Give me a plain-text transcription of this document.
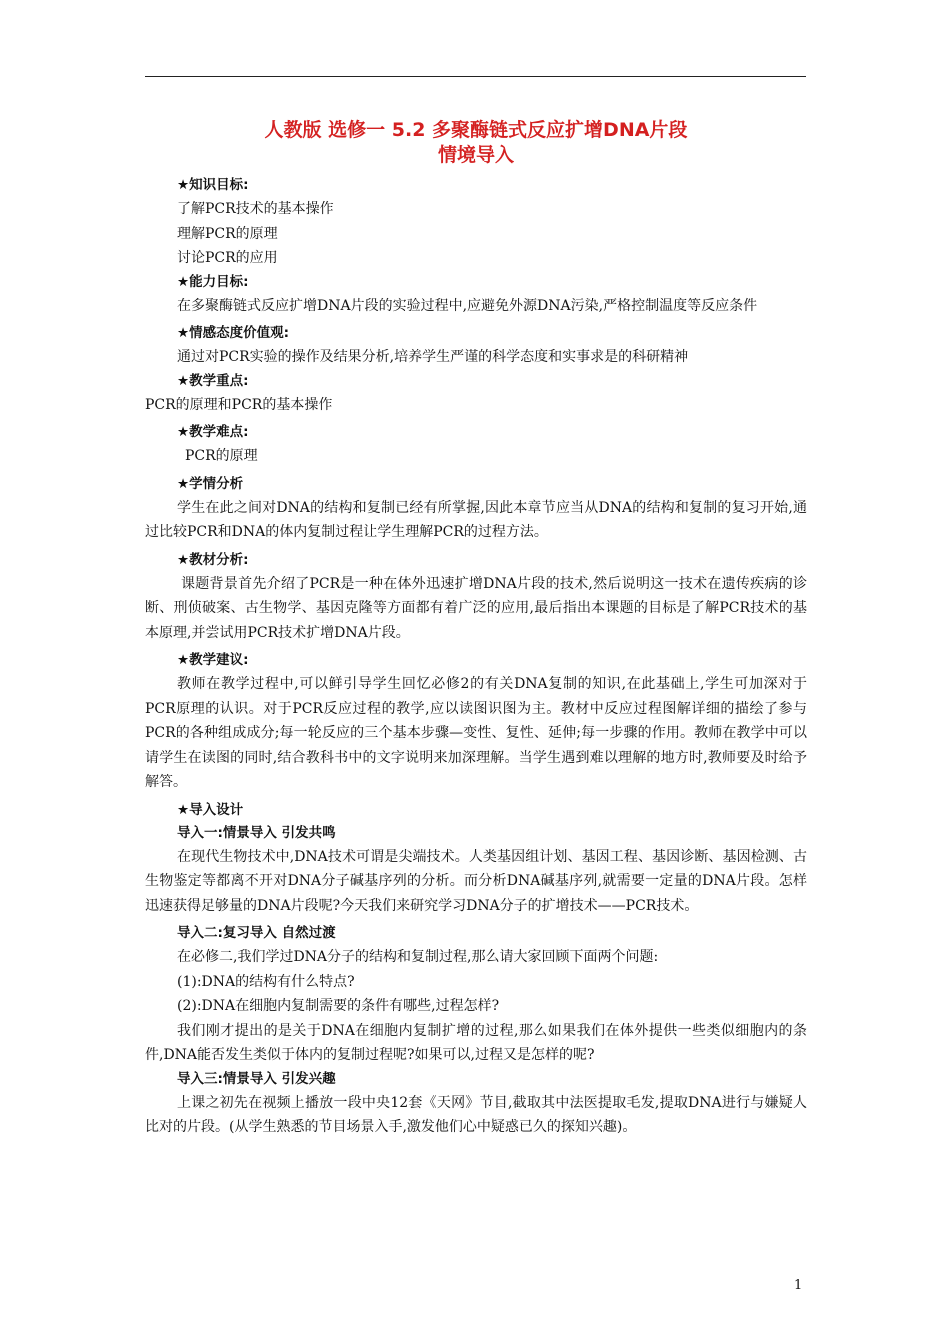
人教版 选修一 5.2 多聚酶链式反应扩增DNA片段
情境导入
★知识目标:
了解PCR技术的基本操作
理解PCR的原理
讨论PCR的应用
★能力目标:
在多聚酶链式反应扩增DNA片段的实验过程中,应避免外源DNA污染,严格控制温度等反应条件
★情感态度价值观:
通过对PCR实验的操作及结果分析,培养学生严谨的科学态度和实事求是的科研精神
★教学重点:
PCR的原理和PCR的基本操作
★教学难点:
PCR的原理
★学情分析
学生在此之间对DNA的结构和复制已经有所掌握,因此本章节应当从DNA的结构和复制的复习开始,通过比较PCR和DNA的体内复制过程让学生理解PCR的过程方法。
★教材分析:
课题背景首先介绍了PCR是一种在体外迅速扩增DNA片段的技术,然后说明这一技术在遗传疾病的诊断、刑侦破案、古生物学、基因克隆等方面都有着广泛的应用,最后指出本课题的目标是了解PCR技术的基本原理,并尝试用PCR技术扩增DNA片段。
★教学建议:
教师在教学过程中,可以鲜引导学生回忆必修2的有关DNA复制的知识,在此基础上,学生可加深对于PCR原理的认识。对于PCR反应过程的教学,应以读图识图为主。教材中反应过程图解详细的描绘了参与PCR的各种组成成分;每一轮反应的三个基本步骤—变性、复性、延伸;每一步骤的作用。教师在教学中可以请学生在读图的同时,结合教科书中的文字说明来加深理解。当学生遇到难以理解的地方时,教师要及时给予解答。
★导入设计
导入一:情景导入 引发共鸣
在现代生物技术中,DNA技术可谓是尖端技术。人类基因组计划、基因工程、基因诊断、基因检测、古生物鉴定等都离不开对DNA分子碱基序列的分析。而分析DNA碱基序列,就需要一定量的DNA片段。怎样迅速获得足够量的DNA片段呢?今天我们来研究学习DNA分子的扩增技术——PCR技术。
导入二:复习导入 自然过渡
在必修二,我们学过DNA分子的结构和复制过程,那么请大家回顾下面两个问题:
(1):DNA的结构有什么特点?
(2):DNA在细胞内复制需要的条件有哪些,过程怎样?
我们刚才提出的是关于DNA在细胞内复制扩增的过程,那么如果我们在体外提供一些类似细胞内的条件,DNA能否发生类似于体内的复制过程呢?如果可以,过程又是怎样的呢?
导入三:情景导入 引发兴趣
上课之初先在视频上播放一段中央12套《天网》节目,截取其中法医提取毛发,提取DNA进行与嫌疑人比对的片段。(从学生熟悉的节目场景入手,激发他们心中疑惑已久的探知兴趣)。
1
